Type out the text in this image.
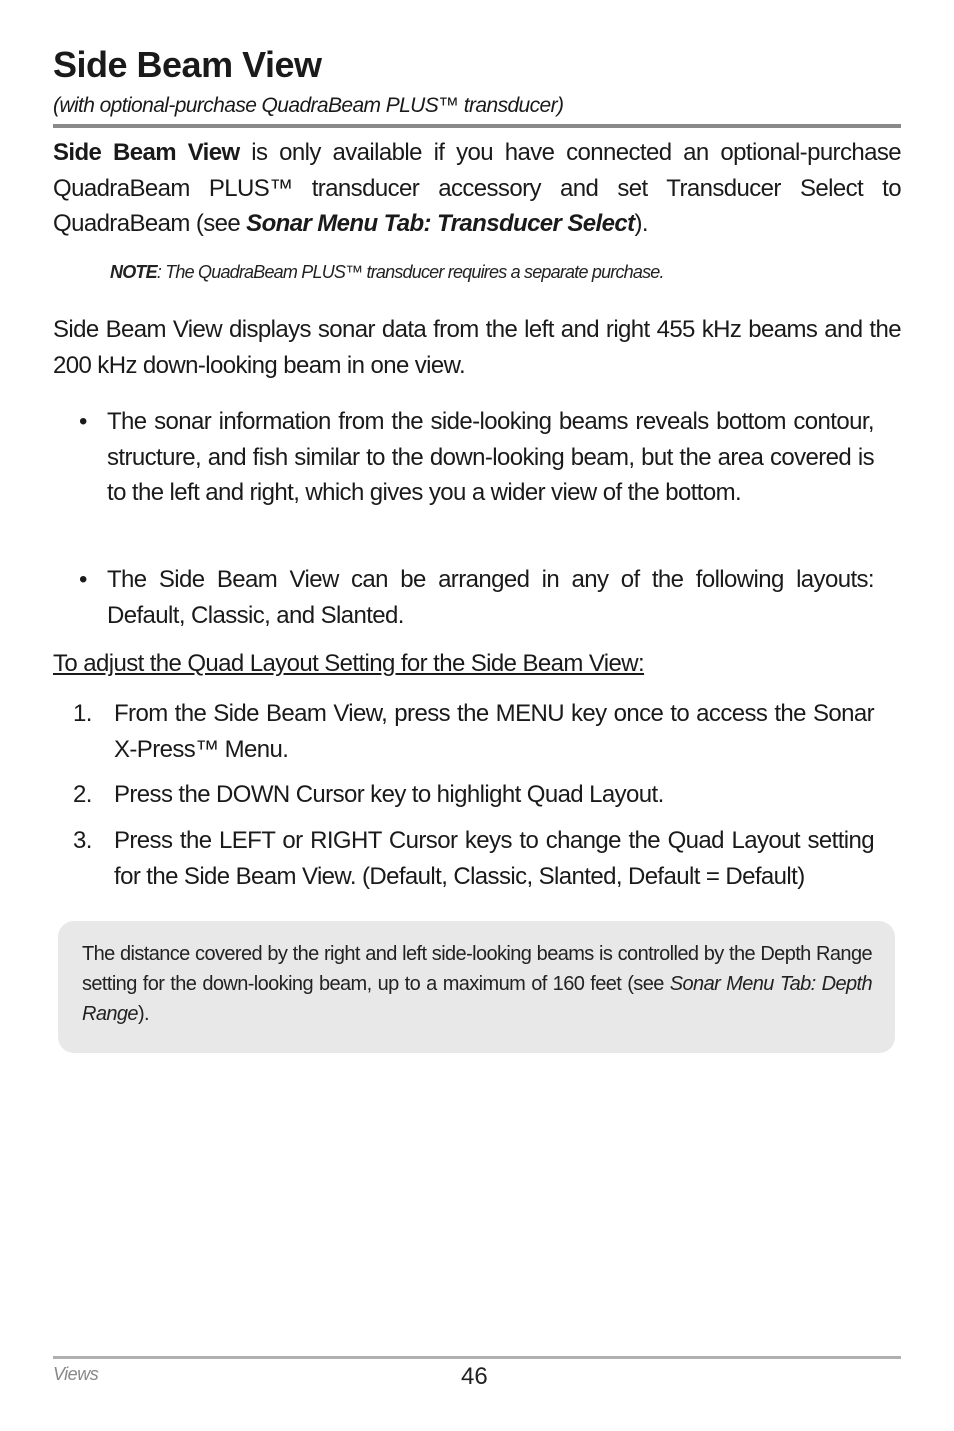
Side Beam View

(with optional-purchase QuadraBeam PLUS™ transducer)

Side Beam View is only available if you have connected an optional-purchase QuadraBeam PLUS™ transducer accessory and set Transducer Select to QuadraBeam (see Sonar Menu Tab: Transducer Select).

NOTE: The QuadraBeam PLUS™ transducer requires a separate purchase.

Side Beam View displays sonar data from the left and right 455 kHz beams and the 200 kHz down-looking beam in one view.

• The sonar information from the side-looking beams reveals bottom contour, structure, and fish similar to the down-looking beam, but the area covered is to the left and right, which gives you a wider view of the bottom.

• The Side Beam View can be arranged in any of the following layouts: Default, Classic, and Slanted.

To adjust the Quad Layout Setting for the Side Beam View:

1. From the Side Beam View, press the MENU key once to access the Sonar X-Press™ Menu.

2. Press the DOWN Cursor key to highlight Quad Layout.

3. Press the LEFT or RIGHT Cursor keys to change the Quad Layout setting for the Side Beam View. (Default, Classic, Slanted, Default = Default)

The distance covered by the right and left side-looking beams is controlled by the Depth Range setting for the down-looking beam, up to a maximum of 160 feet (see Sonar Menu Tab: Depth Range).

Views	46
